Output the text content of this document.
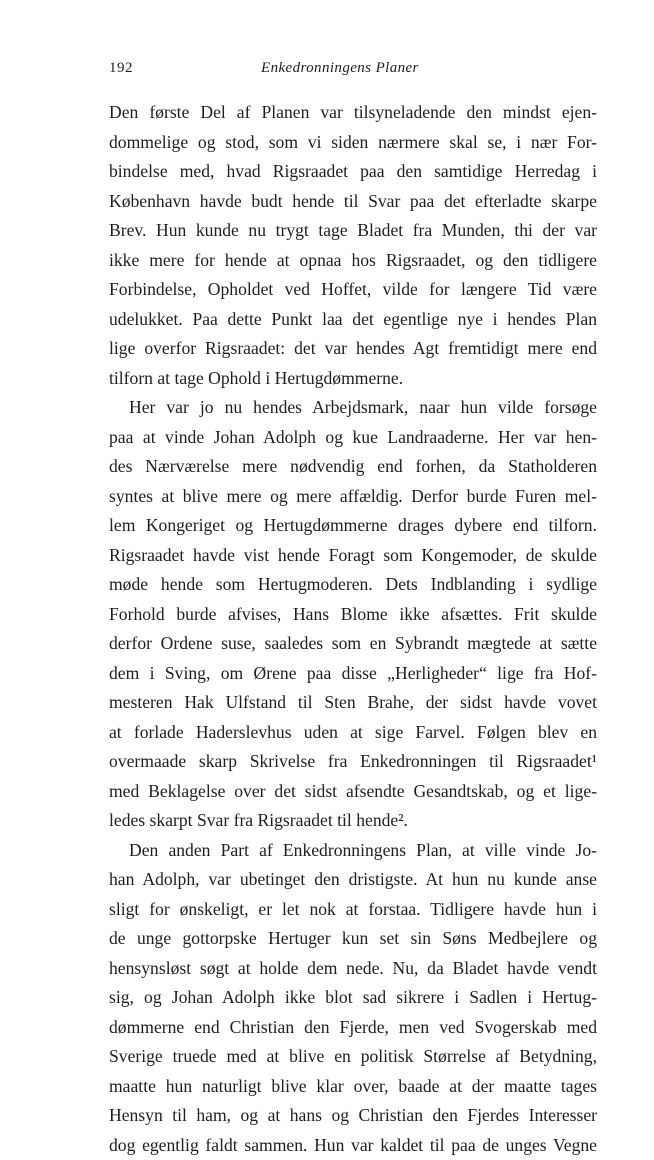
192	Enkedronningens Planer
Den første Del af Planen var tilsyneladende den mindst ejen-
dommelige og stod, som vi siden nærmere skal se, i nær For-
bindelse med, hvad Rigsraadet paa den samtidige Herredag i
København havde budt hende til Svar paa det efterladte skarpe
Brev. Hun kunde nu trygt tage Bladet fra Munden, thi der var
ikke mere for hende at opnaa hos Rigsraadet, og den tidligere
Forbindelse, Opholdet ved Hoffet, vilde for længere Tid være
udelukket. Paa dette Punkt laa det egentlige nye i hendes Plan
lige overfor Rigsraadet: det var hendes Agt fremtidigt mere end
tilforn at tage Ophold i Hertugdømmerne.
Her var jo nu hendes Arbejdsmark, naar hun vilde forsøge
paa at vinde Johan Adolph og kue Landraaderne. Her var hen-
des Nærværelse mere nødvendig end forhen, da Statholderen
syntes at blive mere og mere affældig. Derfor burde Furen mel-
lem Kongeriget og Hertugdømmerne drages dybere end tilforn.
Rigsraadet havde vist hende Foragt som Kongemoder, de skulde
møde hende som Hertugmoderen. Dets Indblanding i sydlige
Forhold burde afvises, Hans Blome ikke afsættes. Frit skulde
derfor Ordene suse, saaledes som en Sybrandt mægtede at sætte
dem i Sving, om Ørene paa disse „Herligheder“ lige fra Hof-
mesteren Hak Ulfstand til Sten Brahe, der sidst havde vovet
at forlade Haderslevhus uden at sige Farvel. Følgen blev en
overmaade skarp Skrivelse fra Enkedronningen til Rigsraadet¹
med Beklagelse over det sidst afsendte Gesandtskab, og et lige-
ledes skarpt Svar fra Rigsraadet til hende².
Den anden Part af Enkedronningens Plan, at ville vinde Jo-
han Adolph, var ubetinget den dristigste. At hun nu kunde anse
sligt for ønskeligt, er let nok at forstaa. Tidligere havde hun i
de unge gottorpske Hertuger kun set sin Søns Medbejlere og
hensynsløst søgt at holde dem nede. Nu, da Bladet havde vendt
sig, og Johan Adolph ikke blot sad sikrere i Sadlen i Hertug-
dømmerne end Christian den Fjerde, men ved Svogerskab med
Sverige truede med at blive en politisk Størrelse af Betydning,
maatte hun naturligt blive klar over, baade at der maatte tages
Hensyn til ham, og at hans og Christian den Fjerdes Interesser
dog egentlig faldt sammen. Hun var kaldet til paa de unges Vegne
